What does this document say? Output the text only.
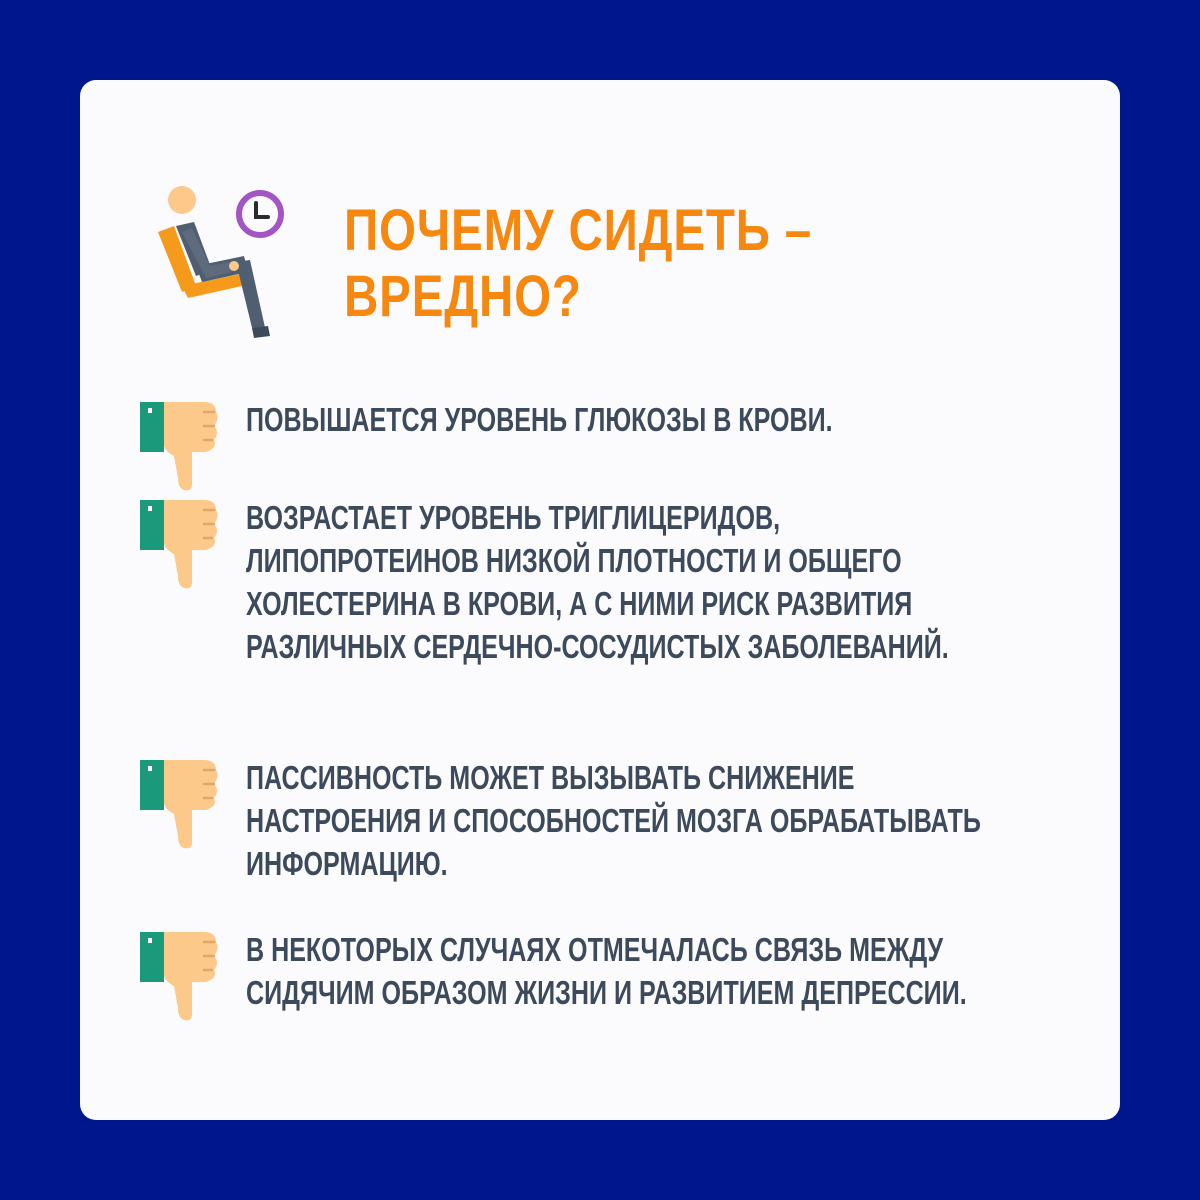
ПОЧЕМУ СИДЕТЬ –
ВРЕДНО?

ПОВЫШАЕТСЯ УРОВЕНЬ ГЛЮКОЗЫ В КРОВИ.

ВОЗРАСТАЕТ УРОВЕНЬ ТРИГЛИЦЕРИДОВ, ЛИПОПРОТЕИНОВ НИЗКОЙ ПЛОТНОСТИ И ОБЩЕГО ХОЛЕСТЕРИНА В КРОВИ, А С НИМИ РИСК РАЗВИТИЯ РАЗЛИЧНЫХ СЕРДЕЧНО-СОСУДИСТЫХ ЗАБОЛЕВАНИЙ.

ПАССИВНОСТЬ МОЖЕТ ВЫЗЫВАТЬ СНИЖЕНИЕ НАСТРОЕНИЯ И СПОСОБНОСТЕЙ МОЗГА ОБРАБАТЫВАТЬ ИНФОРМАЦИЮ.

В НЕКОТОРЫХ СЛУЧАЯХ ОТМЕЧАЛАСЬ СВЯЗЬ МЕЖДУ СИДЯЧИМ ОБРАЗОМ ЖИЗНИ И РАЗВИТИЕМ ДЕПРЕССИИ.
